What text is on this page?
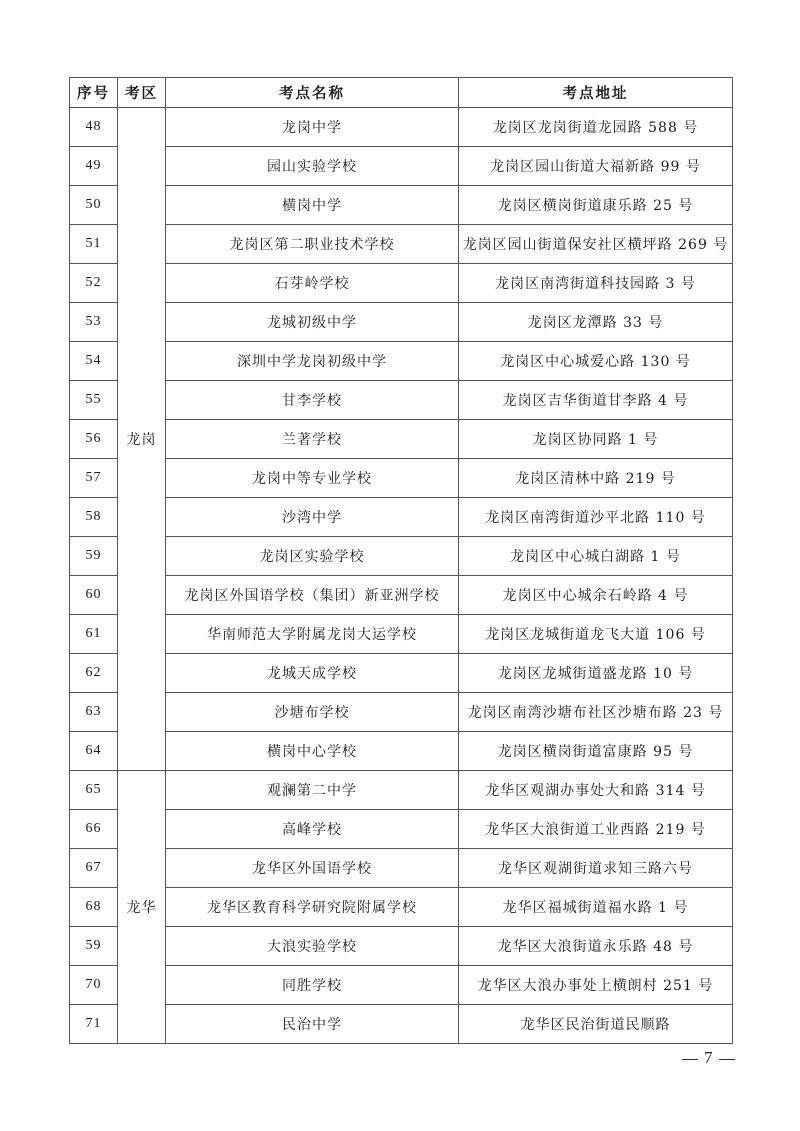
序号	考区	考点名称	考点地址
48	龙岗	龙岗中学	龙岗区龙岗街道龙园路 588 号
49		园山实验学校	龙岗区园山街道大福新路 99 号
50		横岗中学	龙岗区横岗街道康乐路 25 号
51		龙岗区第二职业技术学校	龙岗区园山街道保安社区横坪路 269 号
52		石芽岭学校	龙岗区南湾街道科技园路 3 号
53		龙城初级中学	龙岗区龙潭路 33 号
54		深圳中学龙岗初级中学	龙岗区中心城爱心路 130 号
55		甘李学校	龙岗区吉华街道甘李路 4 号
56		兰著学校	龙岗区协同路 1 号
57		龙岗中等专业学校	龙岗区清林中路 219 号
58		沙湾中学	龙岗区南湾街道沙平北路 110 号
59		龙岗区实验学校	龙岗区中心城白湖路 1 号
60		龙岗区外国语学校（集团）新亚洲学校	龙岗区中心城余石岭路 4 号
61		华南师范大学附属龙岗大运学校	龙岗区龙城街道龙飞大道 106 号
62		龙城天成学校	龙岗区龙城街道盛龙路 10 号
63		沙塘布学校	龙岗区南湾沙塘布社区沙塘布路 23 号
64		横岗中心学校	龙岗区横岗街道富康路 95 号
65	龙华	观澜第二中学	龙华区观湖办事处大和路 314 号
66		高峰学校	龙华区大浪街道工业西路 219 号
67		龙华区外国语学校	龙华区观湖街道求知三路六号
68		龙华区教育科学研究院附属学校	龙华区福城街道福水路 1 号
59		大浪实验学校	龙华区大浪街道永乐路 48 号
70		同胜学校	龙华区大浪办事处上横朗村 251 号
71		民治中学	龙华区民治街道民顺路
7
